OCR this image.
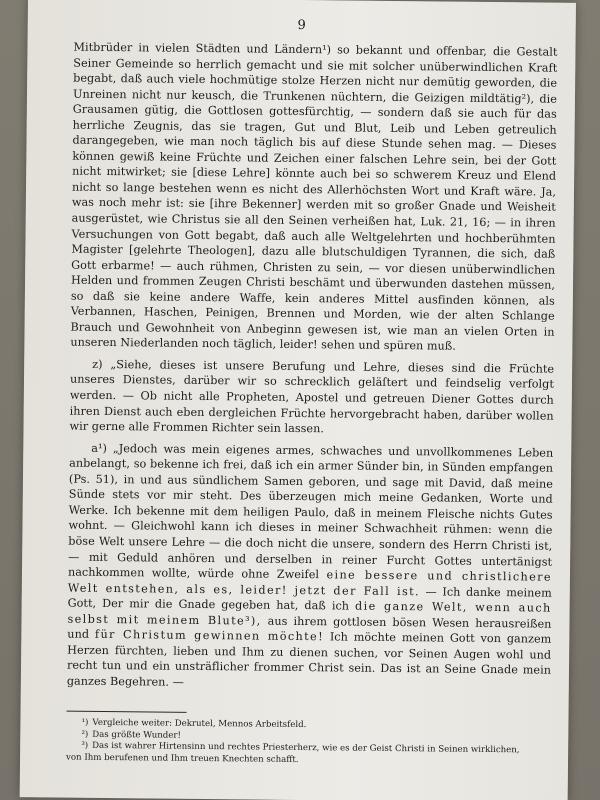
9

Mitbrüder in vielen Städten und Ländern¹) so bekannt und offenbar, die Gestalt Seiner Gemeinde so herrlich gemacht und sie mit solcher unüberwindlichen Kraft begabt, daß auch viele hochmütige stolze Herzen nicht nur demütig geworden, die Unreinen nicht nur keusch, die Trunkenen nüchtern, die Geizigen mildtätig²), die Grausamen gütig, die Gottlosen gottesfürchtig, — sondern daß sie auch für das herrliche Zeugnis, das sie tragen, Gut und Blut, Leib und Leben getreulich darangegeben, wie man noch täglich bis auf diese Stunde sehen mag. — Dieses können gewiß keine Früchte und Zeichen einer falschen Lehre sein, bei der Gott nicht mitwirket; sie [diese Lehre] könnte auch bei so schwerem Kreuz und Elend nicht so lange bestehen wenn es nicht des Allerhöchsten Wort und Kraft wäre. Ja, was noch mehr ist: sie [ihre Bekenner] werden mit so großer Gnade und Weisheit ausgerüstet, wie Christus sie all den Seinen verheißen hat, Luk. 21, 16; — in ihren Versuchungen von Gott begabt, daß auch alle Weltgelehrten und hochberühmten Magister [gelehrte Theologen], dazu alle blutschuldigen Tyrannen, die sich, daß Gott erbarme! — auch rühmen, Christen zu sein, — vor diesen unüberwindlichen Helden und frommen Zeugen Christi beschämt und überwunden dastehen müssen, so daß sie keine andere Waffe, kein anderes Mittel ausfinden können, als Verbannen, Haschen, Peinigen, Brennen und Morden, wie der alten Schlange Brauch und Gewohnheit von Anbeginn gewesen ist, wie man an vielen Orten in unseren Niederlanden noch täglich, leider! sehen und spüren muß.

z) „Siehe, dieses ist unsere Berufung und Lehre, dieses sind die Früchte unseres Dienstes, darüber wir so schrecklich geläſtert und feindselig verfolgt werden. — Ob nicht alle Propheten, Apostel und getreuen Diener Gottes durch ihren Dienst auch eben dergleichen Früchte hervorgebracht haben, darüber wollen wir gerne alle Frommen Richter sein lassen.

a¹) „Jedoch was mein eigenes armes, schwaches und unvollkommenes Leben anbelangt, so bekenne ich frei, daß ich ein armer Sünder bin, in Sünden empfangen (Ps. 51), in und aus sündlichem Samen geboren, und sage mit David, daß meine Sünde stets vor mir steht. Des überzeugen mich meine Gedanken, Worte und Werke. Ich bekenne mit dem heiligen Paulo, daß in meinem Fleische nichts Gutes wohnt. — Gleichwohl kann ich dieses in meiner Schwachheit rühmen: wenn die böse Welt unsere Lehre — die doch nicht die unsere, sondern des Herrn Christi ist, — mit Geduld anhören und derselben in reiner Furcht Gottes untertänigst nachkommen wollte, würde ohne Zweifel eine bessere und christlichere Welt entstehen, als es, leider! jetzt der Fall ist. — Ich danke meinem Gott, Der mir die Gnade gegeben hat, daß ich die ganze Welt, wenn auch selbst mit meinem Blute³), aus ihrem gottlosen bösen Wesen herausreißen und für Christum gewinnen möchte! Ich möchte meinen Gott von ganzem Herzen fürchten, lieben und Ihm zu dienen suchen, vor Seinen Augen wohl und recht tun und ein unsträflicher frommer Christ sein. Das ist an Seine Gnade mein ganzes Begehren. —

¹) Vergleiche weiter: Dekrutel, Mennos Arbeitsfeld.

²) Das größte Wunder!

³) Das ist wahrer Hirtensinn und rechtes Priesterherz, wie es der Geist Christi in Seinen wirklichen,

von Ihm berufenen und Ihm treuen Knechten schafft.
